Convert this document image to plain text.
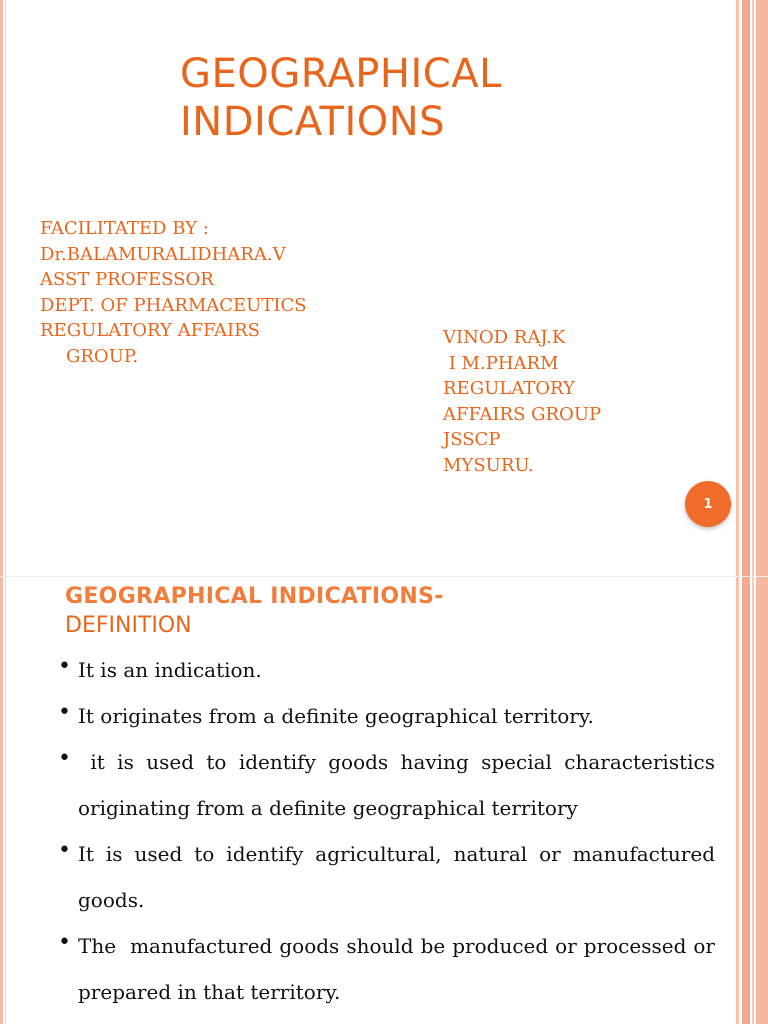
GEOGRAPHICAL
INDICATIONS
FACILITATED BY :
Dr.BALAMURALIDHARA.V
ASST PROFESSOR
DEPT. OF PHARMACEUTICS
REGULATORY AFFAIRS
GROUP.
VINOD RAJ.K
I M.PHARM
REGULATORY
AFFAIRS GROUP
JSSCP
MYSURU.
1
GEOGRAPHICAL INDICATIONS-
DEFINITION
• It is an indication.
• It originates from a definite geographical territory.
• it is used to identify goods having special characteristics originating from a definite geographical territory
• It is used to identify agricultural, natural or manufactured goods.
• The  manufactured goods should be produced or processed or prepared in that territory.
